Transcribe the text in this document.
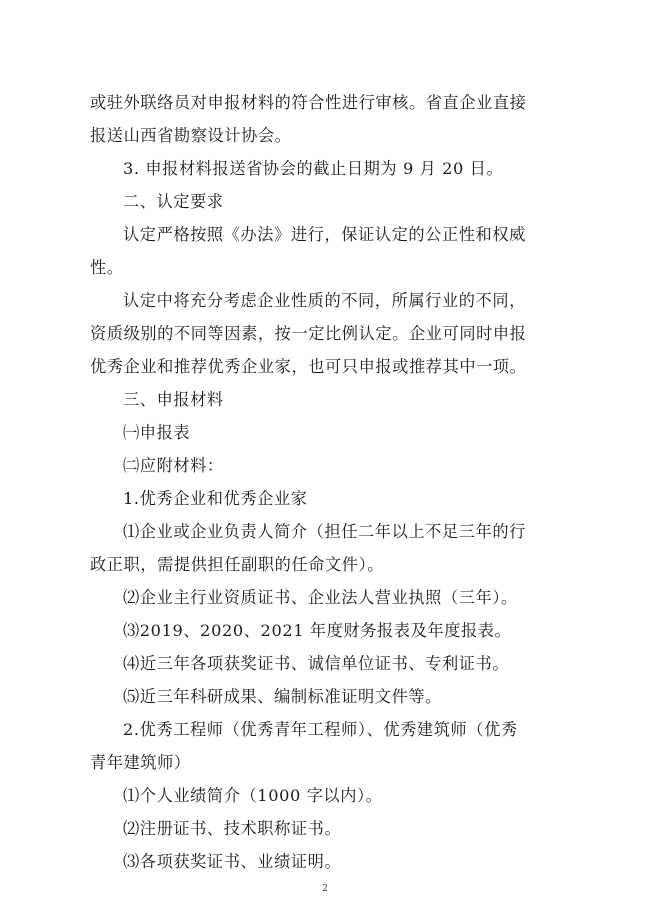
或驻外联络员对申报材料的符合性进行审核。省直企业直接
报送山西省勘察设计协会。
3. 申报材料报送省协会的截止日期为 9 月 20 日。
二、认定要求
认定严格按照《办法》进行，保证认定的公正性和权威
性。
认定中将充分考虑企业性质的不同，所属行业的不同，
资质级别的不同等因素，按一定比例认定。企业可同时申报
优秀企业和推荐优秀企业家，也可只申报或推荐其中一项。
三、申报材料
㈠申报表
㈡应附材料：
1.优秀企业和优秀企业家
⑴企业或企业负责人简介（担任二年以上不足三年的行
政正职，需提供担任副职的任命文件）。
⑵企业主行业资质证书、企业法人营业执照（三年）。
⑶2019、2020、2021 年度财务报表及年度报表。
⑷近三年各项获奖证书、诚信单位证书、专利证书。
⑸近三年科研成果、编制标准证明文件等。
2.优秀工程师（优秀青年工程师）、优秀建筑师（优秀
青年建筑师）
⑴个人业绩简介（1000 字以内）。
⑵注册证书、技术职称证书。
⑶各项获奖证书、业绩证明。
2
